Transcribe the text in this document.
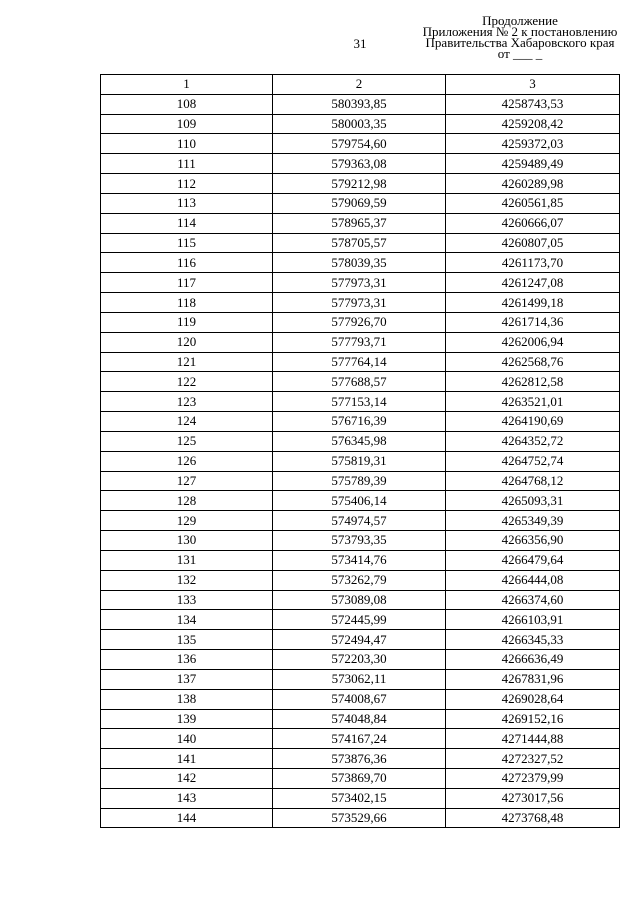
31
Продолжение
Приложения № 2 к постановлению
Правительства Хабаровского края
от ___ _
1	2	3
108	580393,85	4258743,53
109	580003,35	4259208,42
110	579754,60	4259372,03
111	579363,08	4259489,49
112	579212,98	4260289,98
113	579069,59	4260561,85
114	578965,37	4260666,07
115	578705,57	4260807,05
116	578039,35	4261173,70
117	577973,31	4261247,08
118	577973,31	4261499,18
119	577926,70	4261714,36
120	577793,71	4262006,94
121	577764,14	4262568,76
122	577688,57	4262812,58
123	577153,14	4263521,01
124	576716,39	4264190,69
125	576345,98	4264352,72
126	575819,31	4264752,74
127	575789,39	4264768,12
128	575406,14	4265093,31
129	574974,57	4265349,39
130	573793,35	4266356,90
131	573414,76	4266479,64
132	573262,79	4266444,08
133	573089,08	4266374,60
134	572445,99	4266103,91
135	572494,47	4266345,33
136	572203,30	4266636,49
137	573062,11	4267831,96
138	574008,67	4269028,64
139	574048,84	4269152,16
140	574167,24	4271444,88
141	573876,36	4272327,52
142	573869,70	4272379,99
143	573402,15	4273017,56
144	573529,66	4273768,48
